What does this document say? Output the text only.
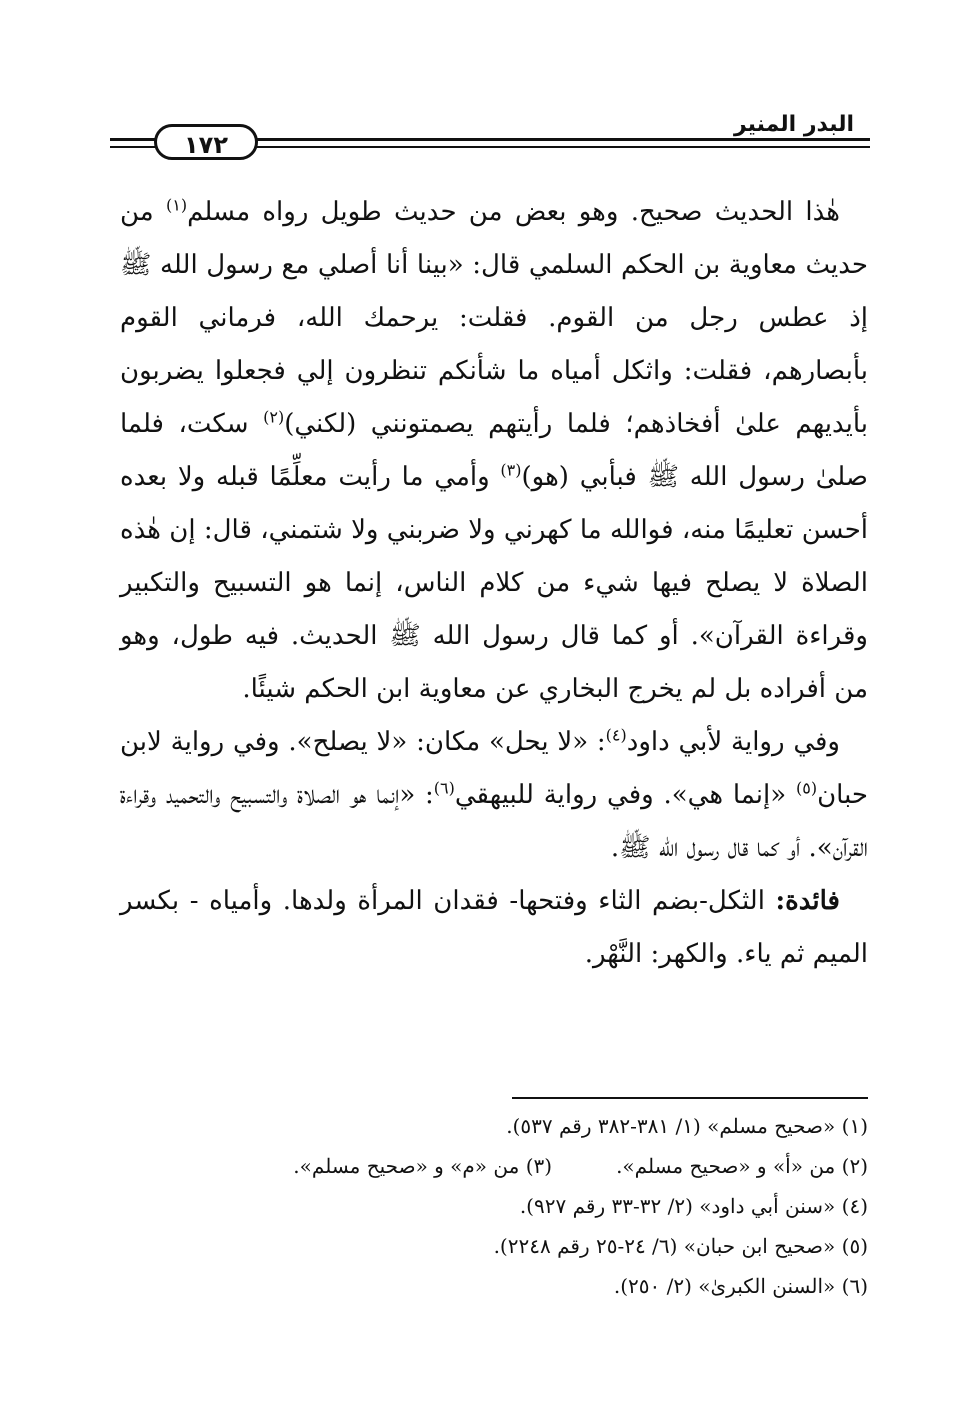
البدر المنير
١٧٢

هٰذا الحديث صحيح. وهو بعض من حديث طويل رواه مسلم$^{(١)}$ من حديث معاوية بن الحكم السلمي قال: «بينا أنا أصلي مع رسول الله ﷺ إذ عطس رجل من القوم. فقلت: يرحمك الله، فرماني القوم بأبصارهم، فقلت: واثكل أمياه ما شأنكم تنظرون إلي فجعلوا يضربون بأيديهم علىٰ أفخاذهم؛ فلما رأيتهم يصمتونني (لكني)$^{(٢)}$ سكت، فلما صلىٰ رسول الله ﷺ فبأبي (هو)$^{(٣)}$ وأمي ما رأيت معلِّمًا قبله ولا بعده أحسن تعليمًا منه، فوالله ما كهرني ولا ضربني ولا شتمني، قال: إن هٰذه الصلاة لا يصلح فيها شيء من كلام الناس، إنما هو التسبيح والتكبير وقراءة القرآن». أو كما قال رسول الله ﷺ الحديث. فيه طول، وهو من أفراده بل لم يخرج البخاري عن معاوية ابن الحكم شيئًا.

وفي رواية لأبي داود$^{(٤)}$: «لا يحل» مكان: «لا يصلح». وفي رواية لابن حبان$^{(٥)}$ «إنما هي». وفي رواية للبيهقي$^{(٦)}$: «إنما هو الصلاة والتسبيح والتحميد وقراءة القرآن». أو كما قال رسول الله ﷺ.

فائدة: الثكل-بضم الثاء وفتحها- فقدان المرأة ولدها. وأمياه - بكسر الميم ثم ياء. والكهر: النَّهْر.

(١) «صحيح مسلم» (١/ ٣٨١-٣٨٢ رقم ٥٣٧).
(٢) من «أ» و «صحيح مسلم».
(٣) من «م» و «صحيح مسلم».
(٤) «سنن أبي داود» (٢/ ٣٢-٣٣ رقم ٩٢٧).
(٥) «صحيح ابن حبان» (٦/ ٢٤-٢٥ رقم ٢٢٤٨).
(٦) «السنن الكبرىٰ» (٢/ ٢٥٠).
